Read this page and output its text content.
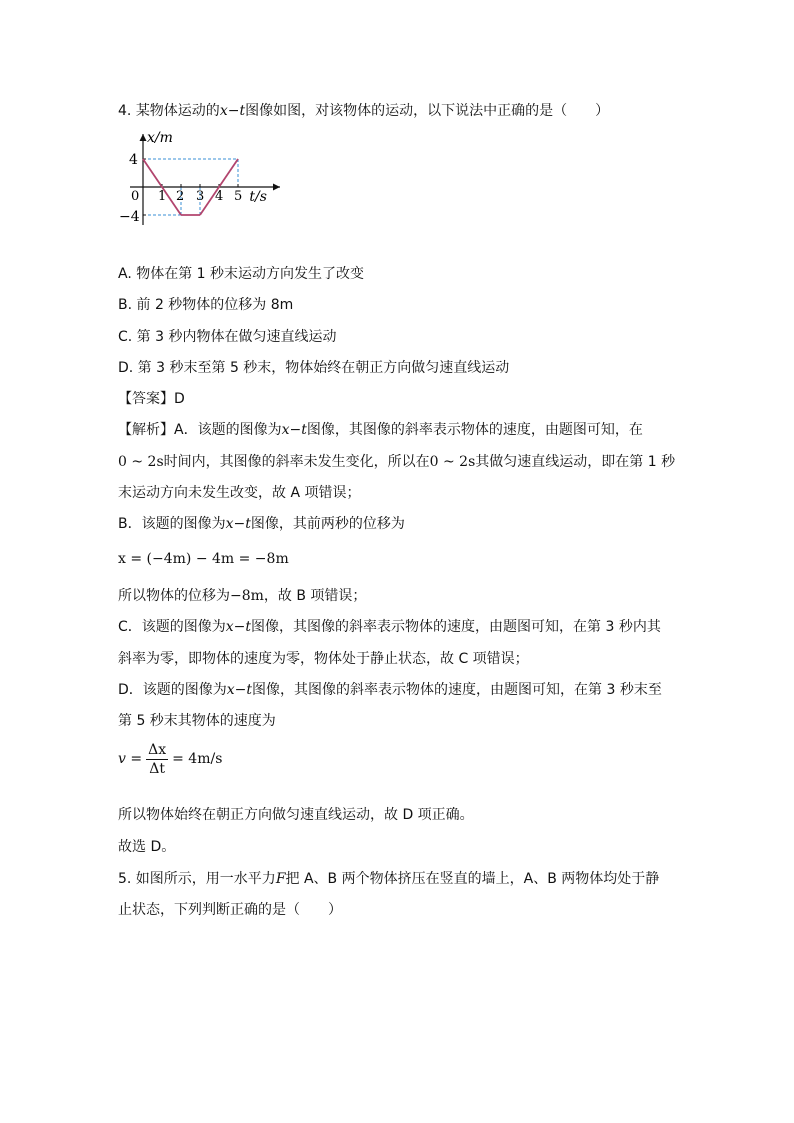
4. 某物体运动的x−t图像如图，对该物体的运动，以下说法中正确的是（　　）
x/m
t/s
0 1 2 3 4 5
4
−4
A. 物体在第 1 秒末运动方向发生了改变
B. 前 2 秒物体的位移为 8m
C. 第 3 秒内物体在做匀速直线运动
D. 第 3 秒末至第 5 秒末，物体始终在朝正方向做匀速直线运动
【答案】D
【解析】A．该题的图像为x−t图像，其图像的斜率表示物体的速度，由题图可知，在
0 ~ 2s时间内，其图像的斜率未发生变化，所以在0 ~ 2s其做匀速直线运动，即在第 1 秒
末运动方向未发生改变，故 A 项错误；
B．该题的图像为x−t图像，其前两秒的位移为
x = (−4m) − 4m = −8m
所以物体的位移为−8m，故 B 项错误；
C．该题的图像为x−t图像，其图像的斜率表示物体的速度，由题图可知，在第 3 秒内其
斜率为零，即物体的速度为零，物体处于静止状态，故 C 项错误；
D．该题的图像为x−t图像，其图像的斜率表示物体的速度，由题图可知，在第 3 秒末至
第 5 秒末其物体的速度为
$v = \frac{\Delta x}{\Delta t} = 4m/s$
所以物体始终在朝正方向做匀速直线运动，故 D 项正确。
故选 D。
5. 如图所示，用一水平力F把 A、B 两个物体挤压在竖直的墙上，A、B 两物体均处于静
止状态，下列判断正确的是（　　）
